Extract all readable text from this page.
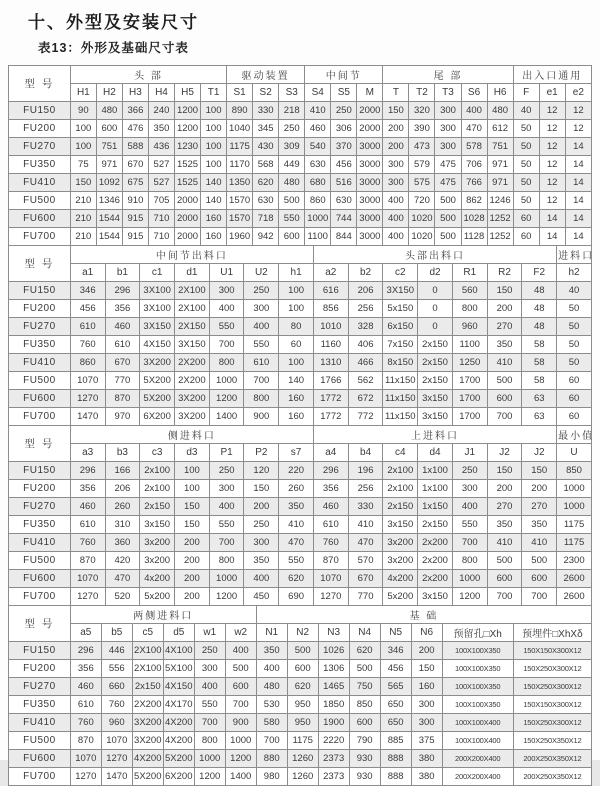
十、外型及安装尺寸
表13：外形及基础尺寸表
型 号	头 部						驱动装置			中间节			尾 部					出入口通用		
	H1	H2	H3	H4	H5	T1	S1	S2	S3	S4	S5	M	T	T2	T3	S6	H6	F	e1	e2
FU150	90	480	366	240	1200	100	890	330	218	410	250	2000	150	320	300	400	480	40	12	12
FU200	100	600	476	350	1200	100	1040	345	250	460	306	2000	200	390	300	470	612	50	12	12
FU270	100	751	588	436	1230	100	1175	430	309	540	370	3000	200	473	300	578	751	50	12	14
FU350	75	971	670	527	1525	100	1170	568	449	630	456	3000	300	579	475	706	971	50	12	14
FU410	150	1092	675	527	1525	140	1350	620	480	680	516	3000	300	575	475	766	971	50	12	14
FU500	210	1346	910	705	2000	140	1570	630	500	860	630	3000	400	720	500	862	1246	50	12	14
FU600	210	1544	915	710	2000	160	1570	718	550	1000	744	3000	400	1020	500	1028	1252	60	14	14
FU700	210	1544	915	710	2000	160	1960	942	600	1100	844	3000	400	1020	500	1128	1252	60	14	14
型 号	中间节出料口							头部出料口							进料口
	a1	b1	c1	d1	U1	U2	h1	a2	b2	c2	d2	R1	R2	F2	h2
FU150	346	296	3X100	2X100	300	250	100	616	206	3X150	0	560	150	48	40
FU200	456	356	3X100	2X100	400	300	100	856	256	5x150	0	800	200	48	50
FU270	610	460	3X150	2X150	550	400	80	1010	328	6x150	0	960	270	48	50
FU350	760	610	4X150	3X150	700	550	60	1160	406	7x150	2x150	1100	350	58	50
FU410	860	670	3X200	2X200	800	610	100	1310	466	8x150	2x150	1250	410	58	50
FU500	1070	770	5X200	2X200	1000	700	140	1766	562	11x150	2x150	1700	500	58	60
FU600	1270	870	5X200	3X200	1200	800	160	1772	672	11x150	3x150	1700	600	63	60
FU700	1470	970	6X200	3X200	1400	900	160	1772	772	11x150	3x150	1700	700	63	60
型 号	侧进料口							上进料口							最小值
	a3	b3	c3	d3	P1	P2	s7	a4	b4	c4	d4	J1	J2	J2	U
FU150	296	166	2x100	100	250	120	220	296	196	2x100	1x100	250	150	150	850
FU200	356	206	2x100	100	300	150	260	356	256	2x100	1x100	300	200	200	1000
FU270	460	260	2x150	150	400	200	350	460	330	2x150	1x150	400	270	270	1000
FU350	610	310	3x150	150	550	250	410	610	410	3x150	2x150	550	350	350	1175
FU410	760	360	3x200	200	700	300	470	760	470	3x200	2x200	700	410	410	1175
FU500	870	420	3x200	200	800	350	550	870	570	3x200	2x200	800	500	500	2300
FU600	1070	470	4x200	200	1000	400	620	1070	670	4x200	2x200	1000	600	600	2600
FU700	1270	520	5x200	200	1200	450	690	1270	770	5x200	3x150	1200	700	700	2600
型 号	两侧进料口						基 础							
	a5	b5	c5	d5	w1	w2	N1	N2	N3	N4	N5	N6	预留孔□Xh	预埋件□XhXδ
FU150	296	446	2X100	4X100	250	400	350	500	1026	620	346	200	100X100X350	150X150X300X12
FU200	356	556	2X100	5X100	300	500	400	600	1306	500	456	150	100X100X350	150X250X300X12
FU270	460	660	2x150	4X150	400	600	480	620	1465	750	565	160	100X100X350	150X250X300X12
FU350	610	760	2X200	4X170	550	700	530	950	1850	850	650	300	100X100X350	150X150X300X12
FU410	760	960	3X200	4X200	700	900	580	950	1900	600	650	300	100X100X400	150X250X300X12
FU500	870	1070	3X200	4X200	800	1000	700	1175	2220	790	885	375	100X100X400	150X250X350X12
FU600	1070	1270	4X200	5X200	1000	1200	880	1260	2373	930	888	380	200X200X400	200X250X350X12
FU700	1270	1470	5X200	6X200	1200	1400	980	1260	2373	930	888	380	200X200X400	200X250X350X12
